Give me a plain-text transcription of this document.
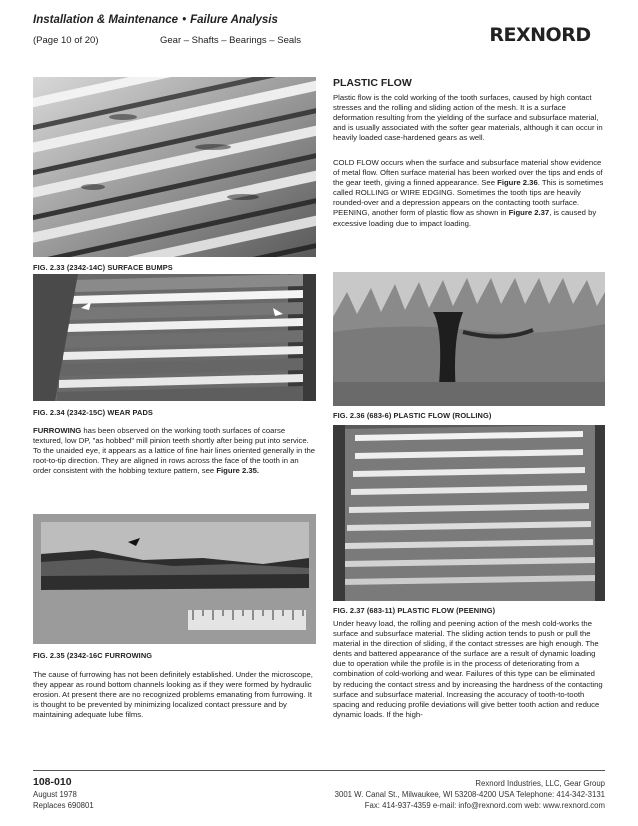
Installation & Maintenance • Failure Analysis
(Page 10 of 20)	Gear – Shafts – Bearings – Seals	REXNORD
FIG. 2.33 (2342-14C) SURFACE BUMPS
FIG. 2.34 (2342-15C) WEAR PADS
FURROWING has been observed on the working tooth surfaces of coarse textured, low DP, "as hobbed" mill pinion teeth shortly after being put into service. To the unaided eye, it appears as a lattice of fine hair lines oriented generally in the root-to-tip direction. They are aligned in rows across the face of the tooth in an order consistent with the hobbing texture pattern, see Figure 2.35.
FIG. 2.35 (2342-16C FURROWING
The cause of furrowing has not been definitely established. Under the microscope, they appear as round bottom channels looking as if they were formed by hydraulic erosion. At present there are no recognized problems emanating from furrowing. It is thought to be prevented by minimizing localized contact pressure and by maintaining adequate lube films.
PLASTIC FLOW
Plastic flow is the cold working of the tooth surfaces, caused by high contact stresses and the rolling and sliding action of the mesh. It is a surface deformation resulting from the yielding of the surface and subsurface material, and is usually associated with the softer gear materials, although it can occur in heavily loaded case-hardened gears as well.
COLD FLOW occurs when the surface and subsurface material show evidence of metal flow. Often surface material has been worked over the tips and ends of the gear teeth, giving a finned appearance. See Figure 2.36. This is sometimes called ROLLING or WIRE EDGING. Sometimes the tooth tips are heavily rounded-over and a depression appears on the contacting tooth surface. PEENING, another form of plastic flow as shown in Figure 2.37, is caused by excessive loading due to impact loading.
FIG. 2.36 (683-6) PLASTIC FLOW (ROLLING)
FIG. 2.37 (683-11) PLASTIC FLOW (PEENING)
Under heavy load, the rolling and peening action of the mesh cold-works the surface and subsurface material. The sliding action tends to push or pull the material in the direction of sliding, if the contact stresses are high enough. The dents and battered appearance of the surface are a result of dynamic loading due to operation while the profile is in the process of deteriorating from a combination of cold-working and wear. Failures of this type can be eliminated by reducing the contact stress and by increasing the hardness of the contacting surface and subsurface material. Increasing the accuracy of tooth-to-tooth spacing and reducing profile deviations will give better tooth action and reduce dynamic loads. If the high-
108-010
August 1978
Replaces 690801
Rexnord Industries, LLC, Gear Group
3001 W. Canal St., Milwaukee, WI 53208-4200 USA Telephone: 414-342-3131
Fax: 414-937-4359 e-mail: info@rexnord.com web: www.rexnord.com
